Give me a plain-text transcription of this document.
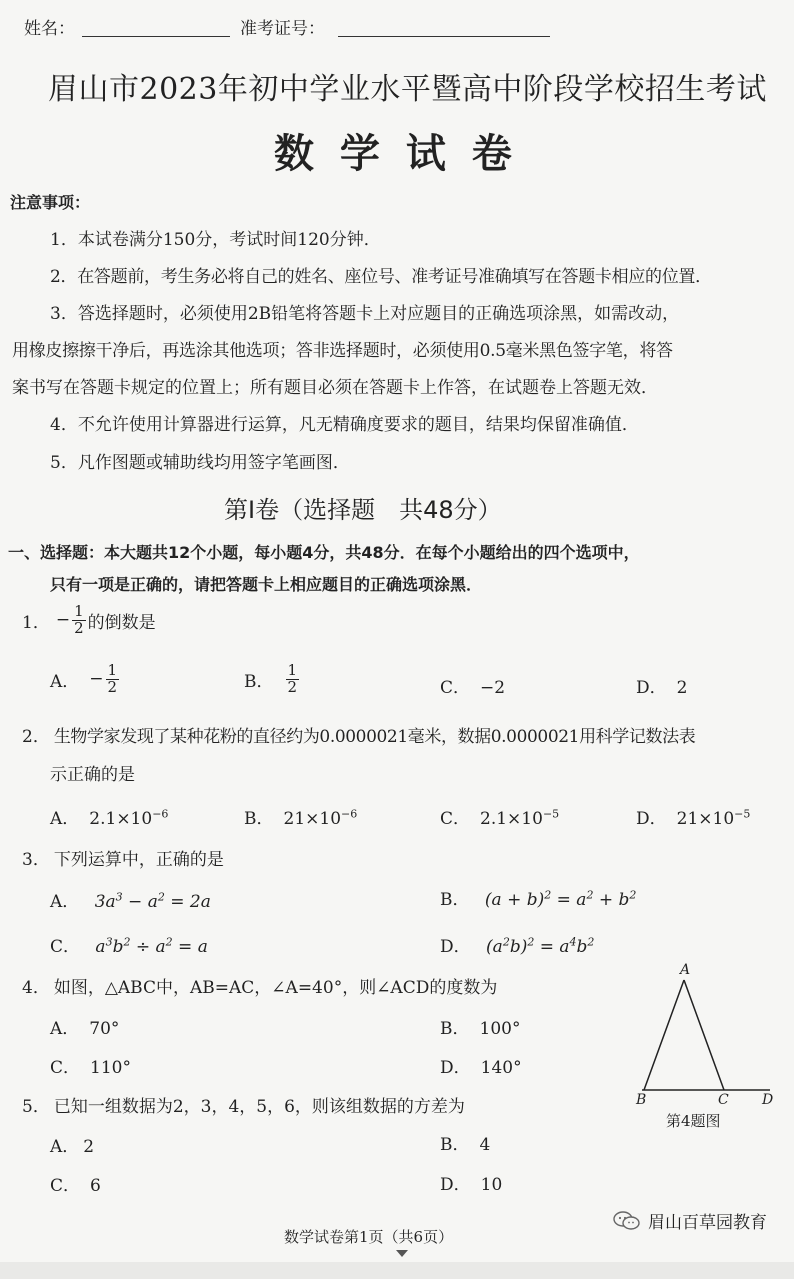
姓名：	准考证号：
眉山市2023年初中学业水平暨高中阶段学校招生考试
数 学 试 卷
注意事项：
1．本试卷满分150分，考试时间120分钟．
2．在答题前，考生务必将自己的姓名、座位号、准考证号准确填写在答题卡相应的位置．
3．答选择题时，必须使用2B铅笔将答题卡上对应题目的正确选项涂黑，如需改动，
用橡皮擦擦干净后，再选涂其他选项；答非选择题时，必须使用0.5毫米黑色签字笔，将答
案书写在答题卡规定的位置上；所有题目必须在答题卡上作答，在试题卷上答题无效．
4．不允许使用计算器进行运算，凡无精确度要求的题目，结果均保留准确值．
5．凡作图题或辅助线均用签字笔画图．
第Ⅰ卷（选择题　共48分）
一、选择题：本大题共12个小题，每小题4分，共48分．在每个小题给出的四个选项中，
只有一项是正确的，请把答题卡上相应题目的正确选项涂黑．
1． − $\frac{1}{2}$ 的倒数是
A． − $\frac{1}{2}$	B． $\frac{1}{2}$	C． −2	D． 2
2． 生物学家发现了某种花粉的直径约为0.0000021毫米，数据0.0000021用科学记数法表
示正确的是
A． $2.1\times 10^{-6}$	B． $21\times 10^{-6}$	C． $2.1\times 10^{-5}$	D． $21\times 10^{-5}$
3． 下列运算中，正确的是
A． $3a^3 - a^2 = 2a$	B． $(a + b)^2 = a^2 + b^2$
C． $a^3b^2 \div a^2 = a$	D． $(a^2b)^2 = a^4b^2$
4． 如图，△ABC中，AB=AC，∠A=40°，则∠ACD的度数为
A． 70°	B． 100°
C． 110°	D． 140°
A
B	C D
第4题图
5． 已知一组数据为2，3，4，5，6，则该组数据的方差为
A． 2	B． 4
C． 6	D． 10
眉山百草园教育
数学试卷第1页（共6页）
